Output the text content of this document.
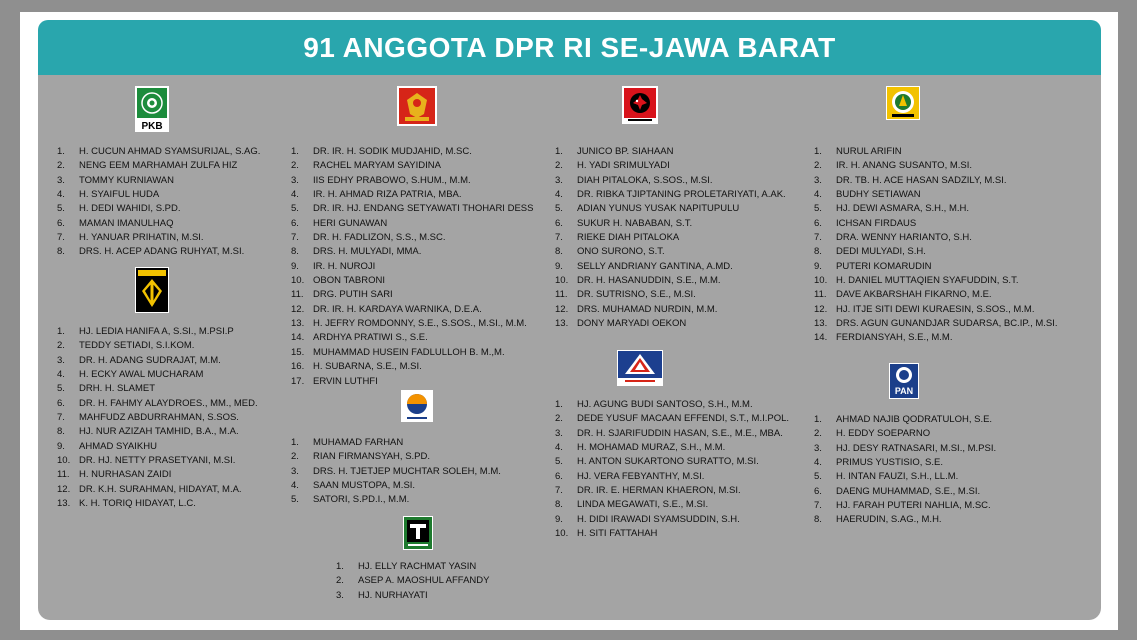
91 ANGGOTA DPR RI SE-JAWA BARAT
PKB
PAN
1.	H. CUCUN AHMAD SYAMSURIJAL, S.AG.
2.	NENG EEM MARHAMAH ZULFA HIZ
3.	TOMMY KURNIAWAN
4.	H. SYAIFUL HUDA
5.	H. DEDI WAHIDI, S.PD.
6.	MAMAN IMANULHAQ
7.	H. YANUAR PRIHATIN, M.SI.
8.	DRS. H. ACEP ADANG RUHYAT, M.SI.
1.	HJ. LEDIA HANIFA A, S.SI., M.PSI.P
2.	TEDDY SETIADI, S.I.KOM.
3.	DR. H. ADANG SUDRAJAT, M.M.
4.	H. ECKY AWAL MUCHARAM
5.	DRH. H. SLAMET
6.	DR. H. FAHMY ALAYDROES., MM., MED.
7.	MAHFUDZ ABDURRAHMAN, S.SOS.
8.	HJ. NUR AZIZAH TAMHID, B.A., M.A.
9.	AHMAD SYAIKHU
10. DR. HJ. NETTY PRASETYANI, M.SI.
11. H. NURHASAN ZAIDI
12. DR. K.H. SURAHMAN, HIDAYAT, M.A.
13. K. H. TORIQ HIDAYAT, L.C.
1.	DR. IR. H. SODIK MUDJAHID, M.SC.
2.	RACHEL MARYAM SAYIDINA
3.	IIS EDHY PRABOWO, S.HUM., M.M.
4.	IR. H. AHMAD RIZA PATRIA, MBA.
5.	DR. IR. HJ. ENDANG SETYAWATI THOHARI DESS
6.	HERI GUNAWAN
7.	DR. H. FADLIZON, S.S., M.SC.
8.	DRS. H. MULYADI, MMA.
9.	IR. H. NUROJI
10. OBON TABRONI
11. DRG. PUTIH SARI
12. DR. IR. H. KARDAYA WARNIKA, D.E.A.
13. H. JEFRY ROMDONNY, S.E., S.SOS., M.SI., M.M.
14. ARDHYA PRATIWI S., S.E.
15. MUHAMMAD HUSEIN FADLULLOH B. M.,M.
16. H. SUBARNA, S.E., M.SI.
17. ERVIN LUTHFI
1.	MUHAMAD FARHAN
2.	RIAN FIRMANSYAH, S.PD.
3.	DRS. H. TJETJEP MUCHTAR SOLEH, M.M.
4.	SAAN MUSTOPA, M.SI.
5.	SATORI, S.PD.I., M.M.
1.	HJ. ELLY RACHMAT YASIN
2.	ASEP A. MAOSHUL AFFANDY
3.	HJ. NURHAYATI
1.	JUNICO BP. SIAHAAN
2.	H. YADI SRIMULYADI
3.	DIAH PITALOKA, S.SOS., M.SI.
4.	DR. RIBKA TJIPTANING PROLETARIYATI, A.AK.
5.	ADIAN YUNUS YUSAK NAPITUPULU
6.	SUKUR H. NABABAN, S.T.
7.	RIEKE DIAH PITALOKA
8.	ONO SURONO, S.T.
9.	SELLY ANDRIANY GANTINA, A.MD.
10. DR. H. HASANUDDIN, S.E., M.M.
11. DR. SUTRISNO, S.E., M.SI.
12. DRS. MUHAMAD NURDIN, M.M.
13. DONY MARYADI OEKON
1.	HJ. AGUNG BUDI SANTOSO, S.H., M.M.
2.	DEDE YUSUF MACAAN EFFENDI, S.T., M.I.POL.
3.	DR. H. SJARIFUDDIN HASAN, S.E., M.E., MBA.
4.	H. MOHAMAD MURAZ, S.H., M.M.
5.	H. ANTON SUKARTONO SURATTO, M.SI.
6.	HJ. VERA FEBYANTHY, M.SI.
7.	DR. IR. E. HERMAN KHAERON, M.SI.
8.	LINDA MEGAWATI, S.E., M.SI.
9.	H. DIDI IRAWADI SYAMSUDDIN, S.H.
10. H. SITI FATTAHAH
1.	NURUL ARIFIN
2.	IR. H. ANANG SUSANTO, M.SI.
3.	DR. TB. H. ACE HASAN SADZILY, M.SI.
4.	BUDHY SETIAWAN
5.	HJ. DEWI ASMARA, S.H., M.H.
6.	ICHSAN FIRDAUS
7.	DRA. WENNY HARIANTO, S.H.
8.	DEDI MULYADI, S.H.
9.	PUTERI KOMARUDIN
10. H. DANIEL MUTTAQIEN SYAFUDDIN, S.T.
11. DAVE AKBARSHAH FIKARNO, M.E.
12. HJ. ITJE SITI DEWI KURAESIN, S.SOS., M.M.
13. DRS. AGUN GUNANDJAR SUDARSA, BC.IP., M.SI.
14. FERDIANSYAH, S.E., M.M.
1.	AHMAD NAJIB QODRATULOH, S.E.
2.	H. EDDY SOEPARNO
3.	HJ. DESY RATNASARI, M.SI., M.PSI.
4.	PRIMUS YUSTISIO, S.E.
5.	H. INTAN FAUZI, S.H., LL.M.
6.	DAENG MUHAMMAD, S.E., M.SI.
7.	HJ. FARAH PUTERI NAHLIA, M.SC.
8.	HAERUDIN, S.AG., M.H.
